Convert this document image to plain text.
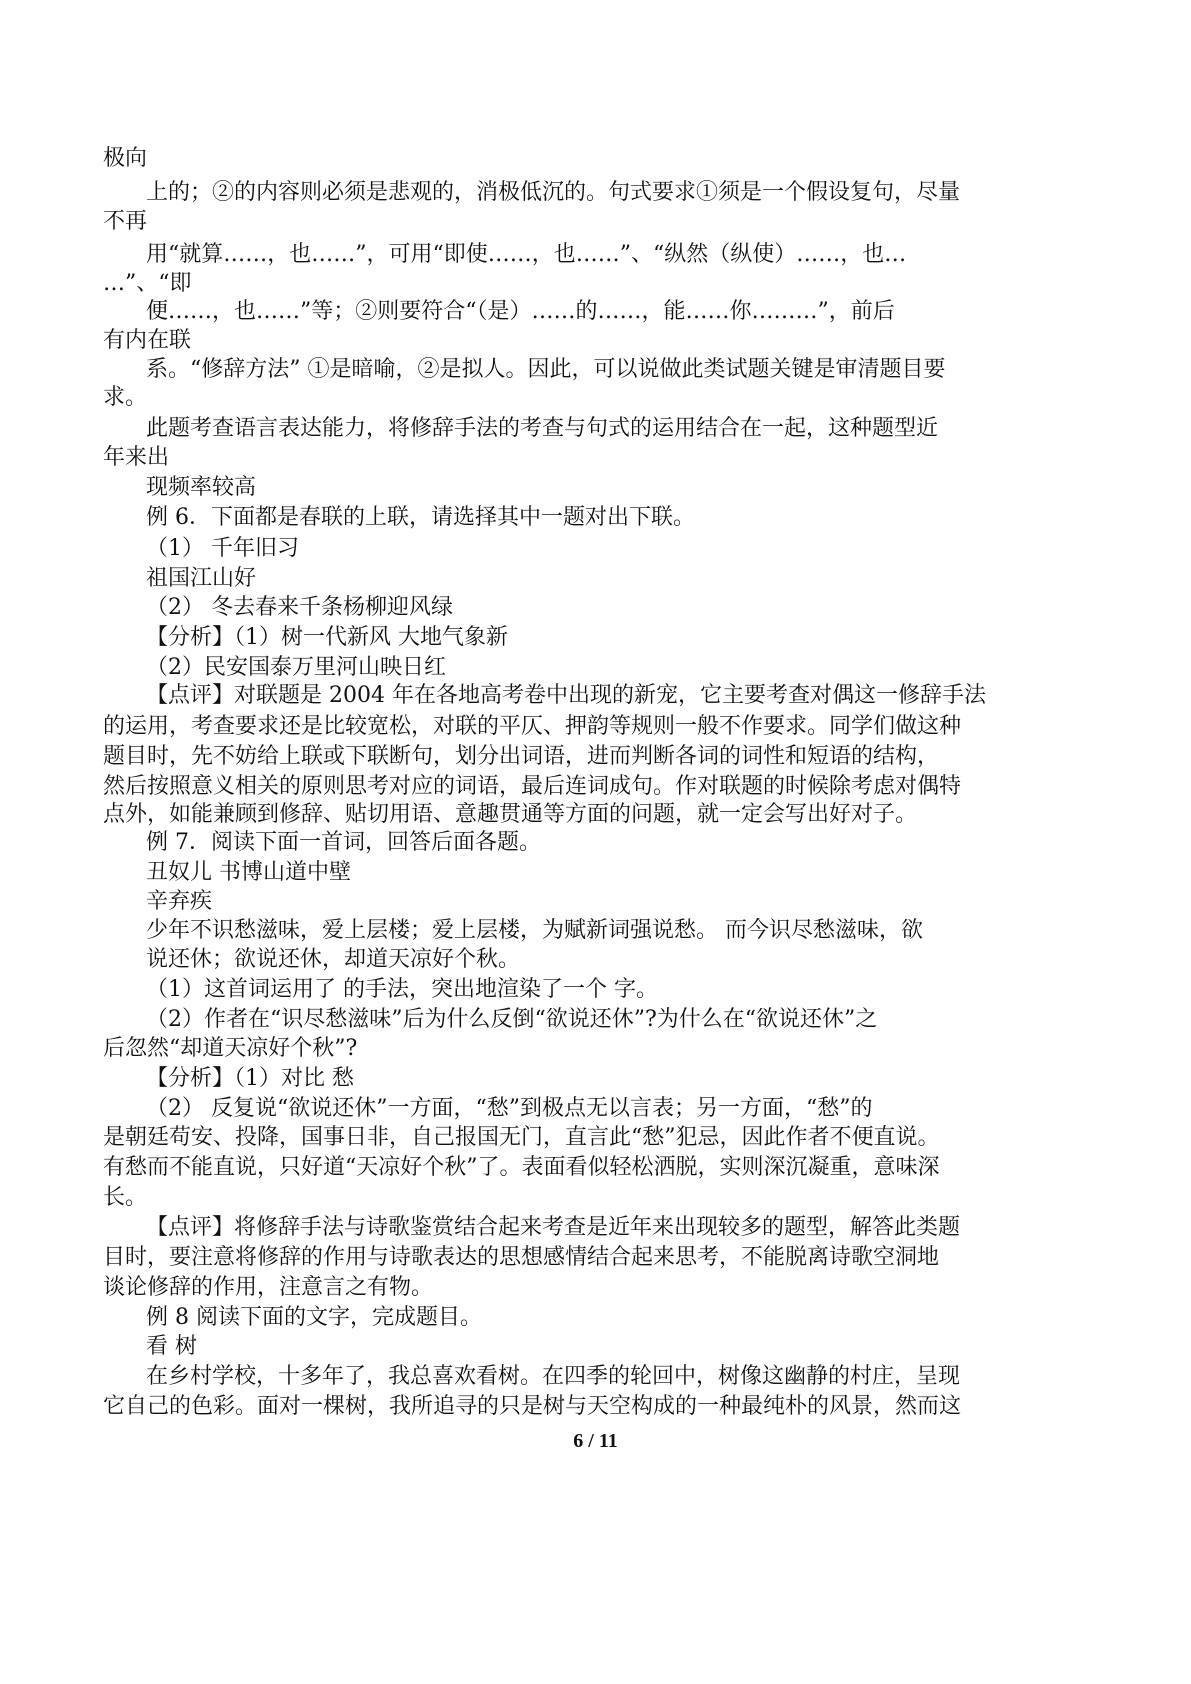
极向
上的；②的内容则必须是悲观的，消极低沉的。句式要求①须是一个假设复句，尽量
不再
用“就算……，也……”，可用“即使……，也……”、“纵然（纵使）……，也…
…”、“即
便……，也……”等；②则要符合“（是）……的……，能……你………”，前后
有内在联
系。“修辞方法” ①是暗喻，②是拟人。因此，可以说做此类试题关键是审清题目要
求。
此题考查语言表达能力，将修辞手法的考查与句式的运用结合在一起，这种题型近
年来出
现频率较高
例 6．下面都是春联的上联，请选择其中一题对出下联。
（1） 千年旧习
祖国江山好
（2） 冬去春来千条杨柳迎风绿
【分析】（1）树一代新风 大地气象新
（2）民安国泰万里河山映日红
【点评】对联题是 2004 年在各地高考卷中出现的新宠，它主要考查对偶这一修辞手法
的运用，考查要求还是比较宽松，对联的平仄、押韵等规则一般不作要求。同学们做这种
题目时，先不妨给上联或下联断句，划分出词语，进而判断各词的词性和短语的结构，
然后按照意义相关的原则思考对应的词语，最后连词成句。作对联题的时候除考虑对偶特
点外，如能兼顾到修辞、贴切用语、意趣贯通等方面的问题，就一定会写出好对子。
例 7．阅读下面一首词，回答后面各题。
丑奴儿 书博山道中壁
辛弃疾
少年不识愁滋味，爱上层楼；爱上层楼，为赋新词强说愁。 而今识尽愁滋味，欲
说还休；欲说还休，却道天凉好个秋。
（1）这首词运用了 的手法，突出地渲染了一个 字。
（2）作者在“识尽愁滋味”后为什么反倒“欲说还休”?为什么在“欲说还休”之
后忽然“却道天凉好个秋”?
【分析】（1）对比 愁
（2） 反复说“欲说还休”一方面，“愁”到极点无以言表；另一方面，“愁”的
是朝廷苟安、投降，国事日非，自己报国无门，直言此“愁”犯忌，因此作者不便直说。
有愁而不能直说，只好道“天凉好个秋”了。表面看似轻松洒脱，实则深沉凝重，意味深
长。
【点评】将修辞手法与诗歌鉴赏结合起来考查是近年来出现较多的题型，解答此类题
目时，要注意将修辞的作用与诗歌表达的思想感情结合起来思考，不能脱离诗歌空洞地
谈论修辞的作用，注意言之有物。
例 8 阅读下面的文字，完成题目。
看 树
在乡村学校，十多年了，我总喜欢看树。在四季的轮回中，树像这幽静的村庄，呈现
它自己的色彩。面对一棵树，我所追寻的只是树与天空构成的一种最纯朴的风景，然而这
6 / 11
